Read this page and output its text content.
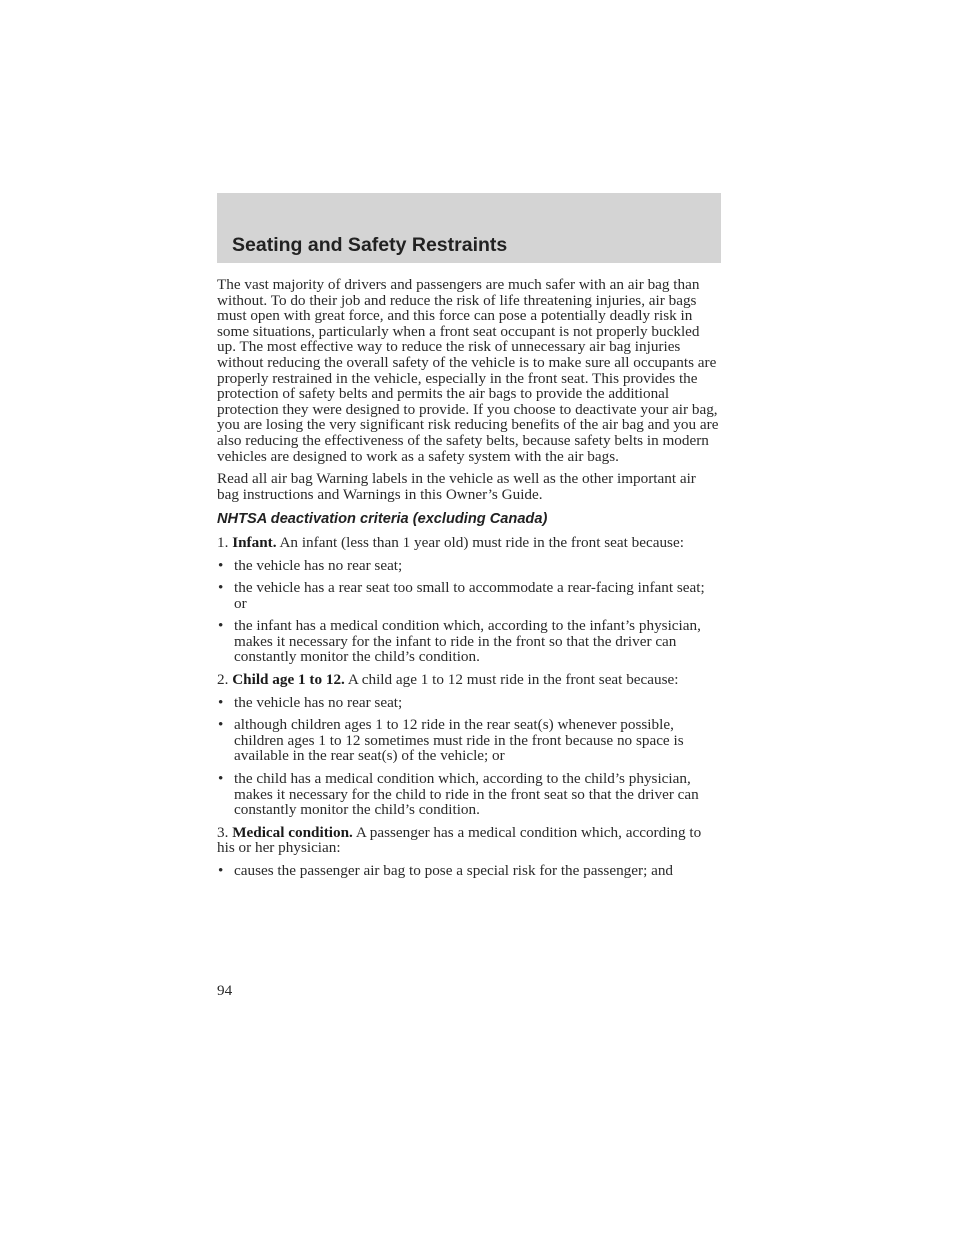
Seating and Safety Restraints

The vast majority of drivers and passengers are much safer with an air bag than without. To do their job and reduce the risk of life threatening injuries, air bags must open with great force, and this force can pose a potentially deadly risk in some situations, particularly when a front seat occupant is not properly buckled up. The most effective way to reduce the risk of unnecessary air bag injuries without reducing the overall safety of the vehicle is to make sure all occupants are properly restrained in the vehicle, especially in the front seat. This provides the protection of safety belts and permits the air bags to provide the additional protection they were designed to provide. If you choose to deactivate your air bag, you are losing the very significant risk reducing benefits of the air bag and you are also reducing the effectiveness of the safety belts, because safety belts in modern vehicles are designed to work as a safety system with the air bags.

Read all air bag Warning labels in the vehicle as well as the other important air bag instructions and Warnings in this Owner’s Guide.

NHTSA deactivation criteria (excluding Canada)

1. Infant. An infant (less than 1 year old) must ride in the front seat because:

• the vehicle has no rear seat;
• the vehicle has a rear seat too small to accommodate a rear-facing infant seat; or
• the infant has a medical condition which, according to the infant’s physician, makes it necessary for the infant to ride in the front so that the driver can constantly monitor the child’s condition.

2. Child age 1 to 12. A child age 1 to 12 must ride in the front seat because:

• the vehicle has no rear seat;
• although children ages 1 to 12 ride in the rear seat(s) whenever possible, children ages 1 to 12 sometimes must ride in the front because no space is available in the rear seat(s) of the vehicle; or
• the child has a medical condition which, according to the child’s physician, makes it necessary for the child to ride in the front seat so that the driver can constantly monitor the child’s condition.

3. Medical condition. A passenger has a medical condition which, according to his or her physician:

• causes the passenger air bag to pose a special risk for the passenger; and
94
